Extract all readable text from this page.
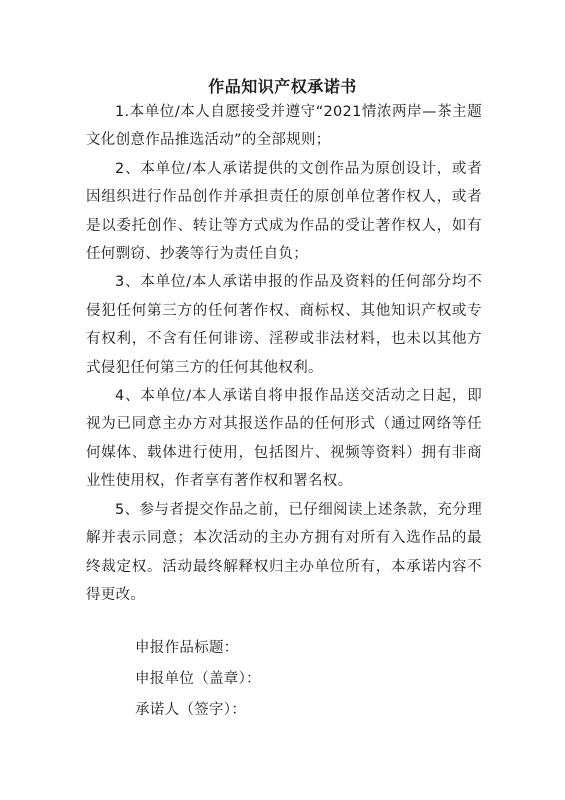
作品知识产权承诺书

1.本单位/本人自愿接受并遵守“2021情浓两岸—茶主题文化创意作品推选活动”的全部规则；

2、本单位/本人承诺提供的文创作品为原创设计，或者因组织进行作品创作并承担责任的原创单位著作权人，或者是以委托创作、转让等方式成为作品的受让著作权人，如有任何剽窃、抄袭等行为责任自负；

3、本单位/本人承诺申报的作品及资料的任何部分均不侵犯任何第三方的任何著作权、商标权、其他知识产权或专有权利，不含有任何诽谤、淫秽或非法材料，也未以其他方式侵犯任何第三方的任何其他权利。

4、本单位/本人承诺自将申报作品送交活动之日起，即视为已同意主办方对其报送作品的任何形式（通过网络等任何媒体、载体进行使用，包括图片、视频等资料）拥有非商业性使用权，作者享有著作权和署名权。

5、参与者提交作品之前，已仔细阅读上述条款，充分理解并表示同意；本次活动的主办方拥有对所有入选作品的最终裁定权。活动最终解释权归主办单位所有，本承诺内容不得更改。

申报作品标题：
申报单位（盖章）：
承诺人（签字）：
